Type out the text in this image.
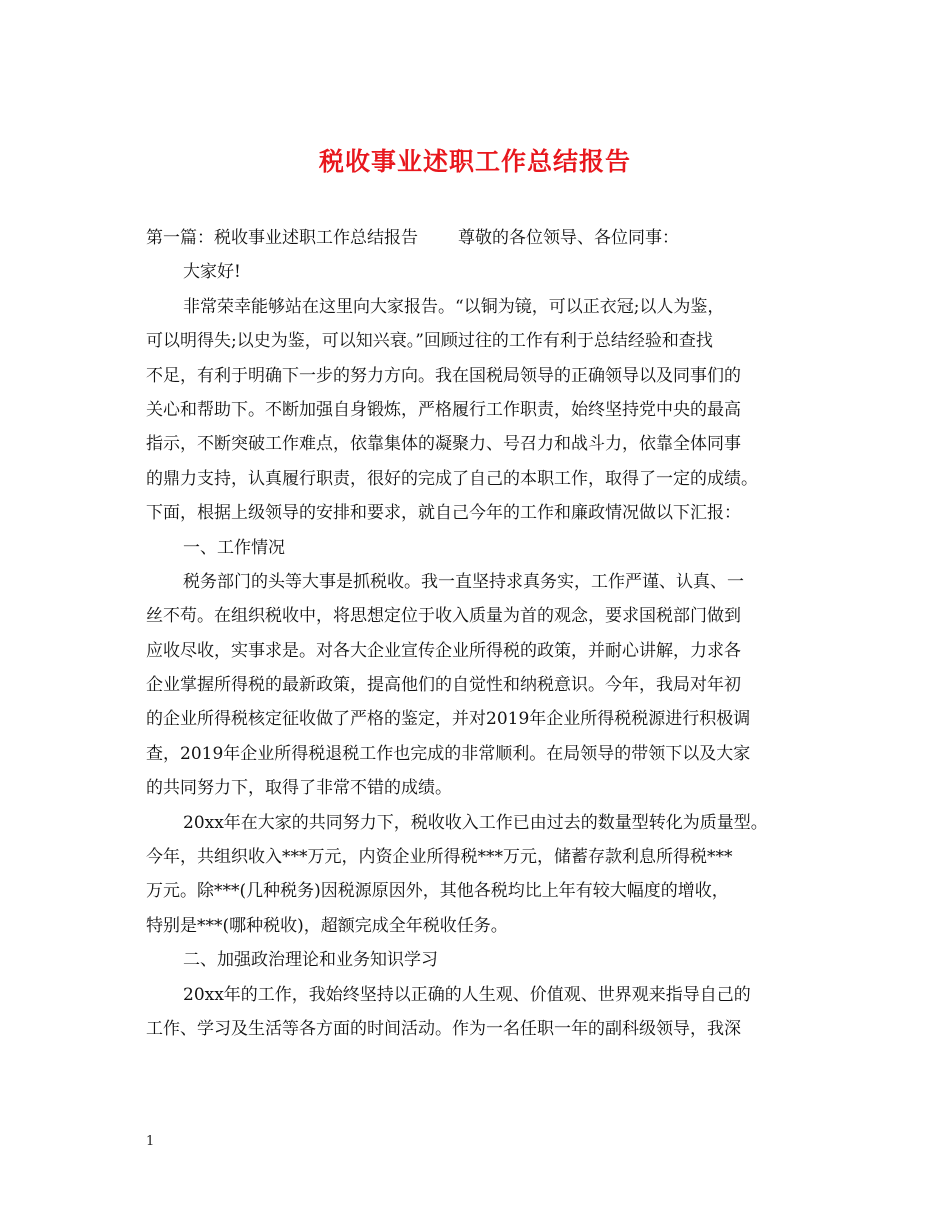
税收事业述职工作总结报告
第一篇：税收事业述职工作总结报告 尊敬的各位领导、各位同事：
大家好!
非常荣幸能够站在这里向大家报告。“以铜为镜，可以正衣冠;以人为鉴，
可以明得失;以史为鉴，可以知兴衰。”回顾过往的工作有利于总结经验和查找
不足，有利于明确下一步的努力方向。我在国税局领导的正确领导以及同事们的
关心和帮助下。不断加强自身锻炼，严格履行工作职责，始终坚持党中央的最高
指示，不断突破工作难点，依靠集体的凝聚力、号召力和战斗力，依靠全体同事
的鼎力支持，认真履行职责，很好的完成了自己的本职工作，取得了一定的成绩。
下面，根据上级领导的安排和要求，就自己今年的工作和廉政情况做以下汇报：
一、工作情况
税务部门的头等大事是抓税收。我一直坚持求真务实，工作严谨、认真、一
丝不苟。在组织税收中，将思想定位于收入质量为首的观念，要求国税部门做到
应收尽收，实事求是。对各大企业宣传企业所得税的政策，并耐心讲解，力求各
企业掌握所得税的最新政策，提高他们的自觉性和纳税意识。今年，我局对年初
的企业所得税核定征收做了严格的鉴定，并对2019年企业所得税税源进行积极调
查，2019年企业所得税退税工作也完成的非常顺利。在局领导的带领下以及大家
的共同努力下，取得了非常不错的成绩。
20xx年在大家的共同努力下，税收收入工作已由过去的数量型转化为质量型。
今年，共组织收入***万元，内资企业所得税***万元，储蓄存款利息所得税***
万元。除***(几种税务)因税源原因外，其他各税均比上年有较大幅度的增收，
特别是***(哪种税收)，超额完成全年税收任务。
二、加强政治理论和业务知识学习
20xx年的工作，我始终坚持以正确的人生观、价值观、世界观来指导自己的
工作、学习及生活等各方面的时间活动。作为一名任职一年的副科级领导，我深
1
